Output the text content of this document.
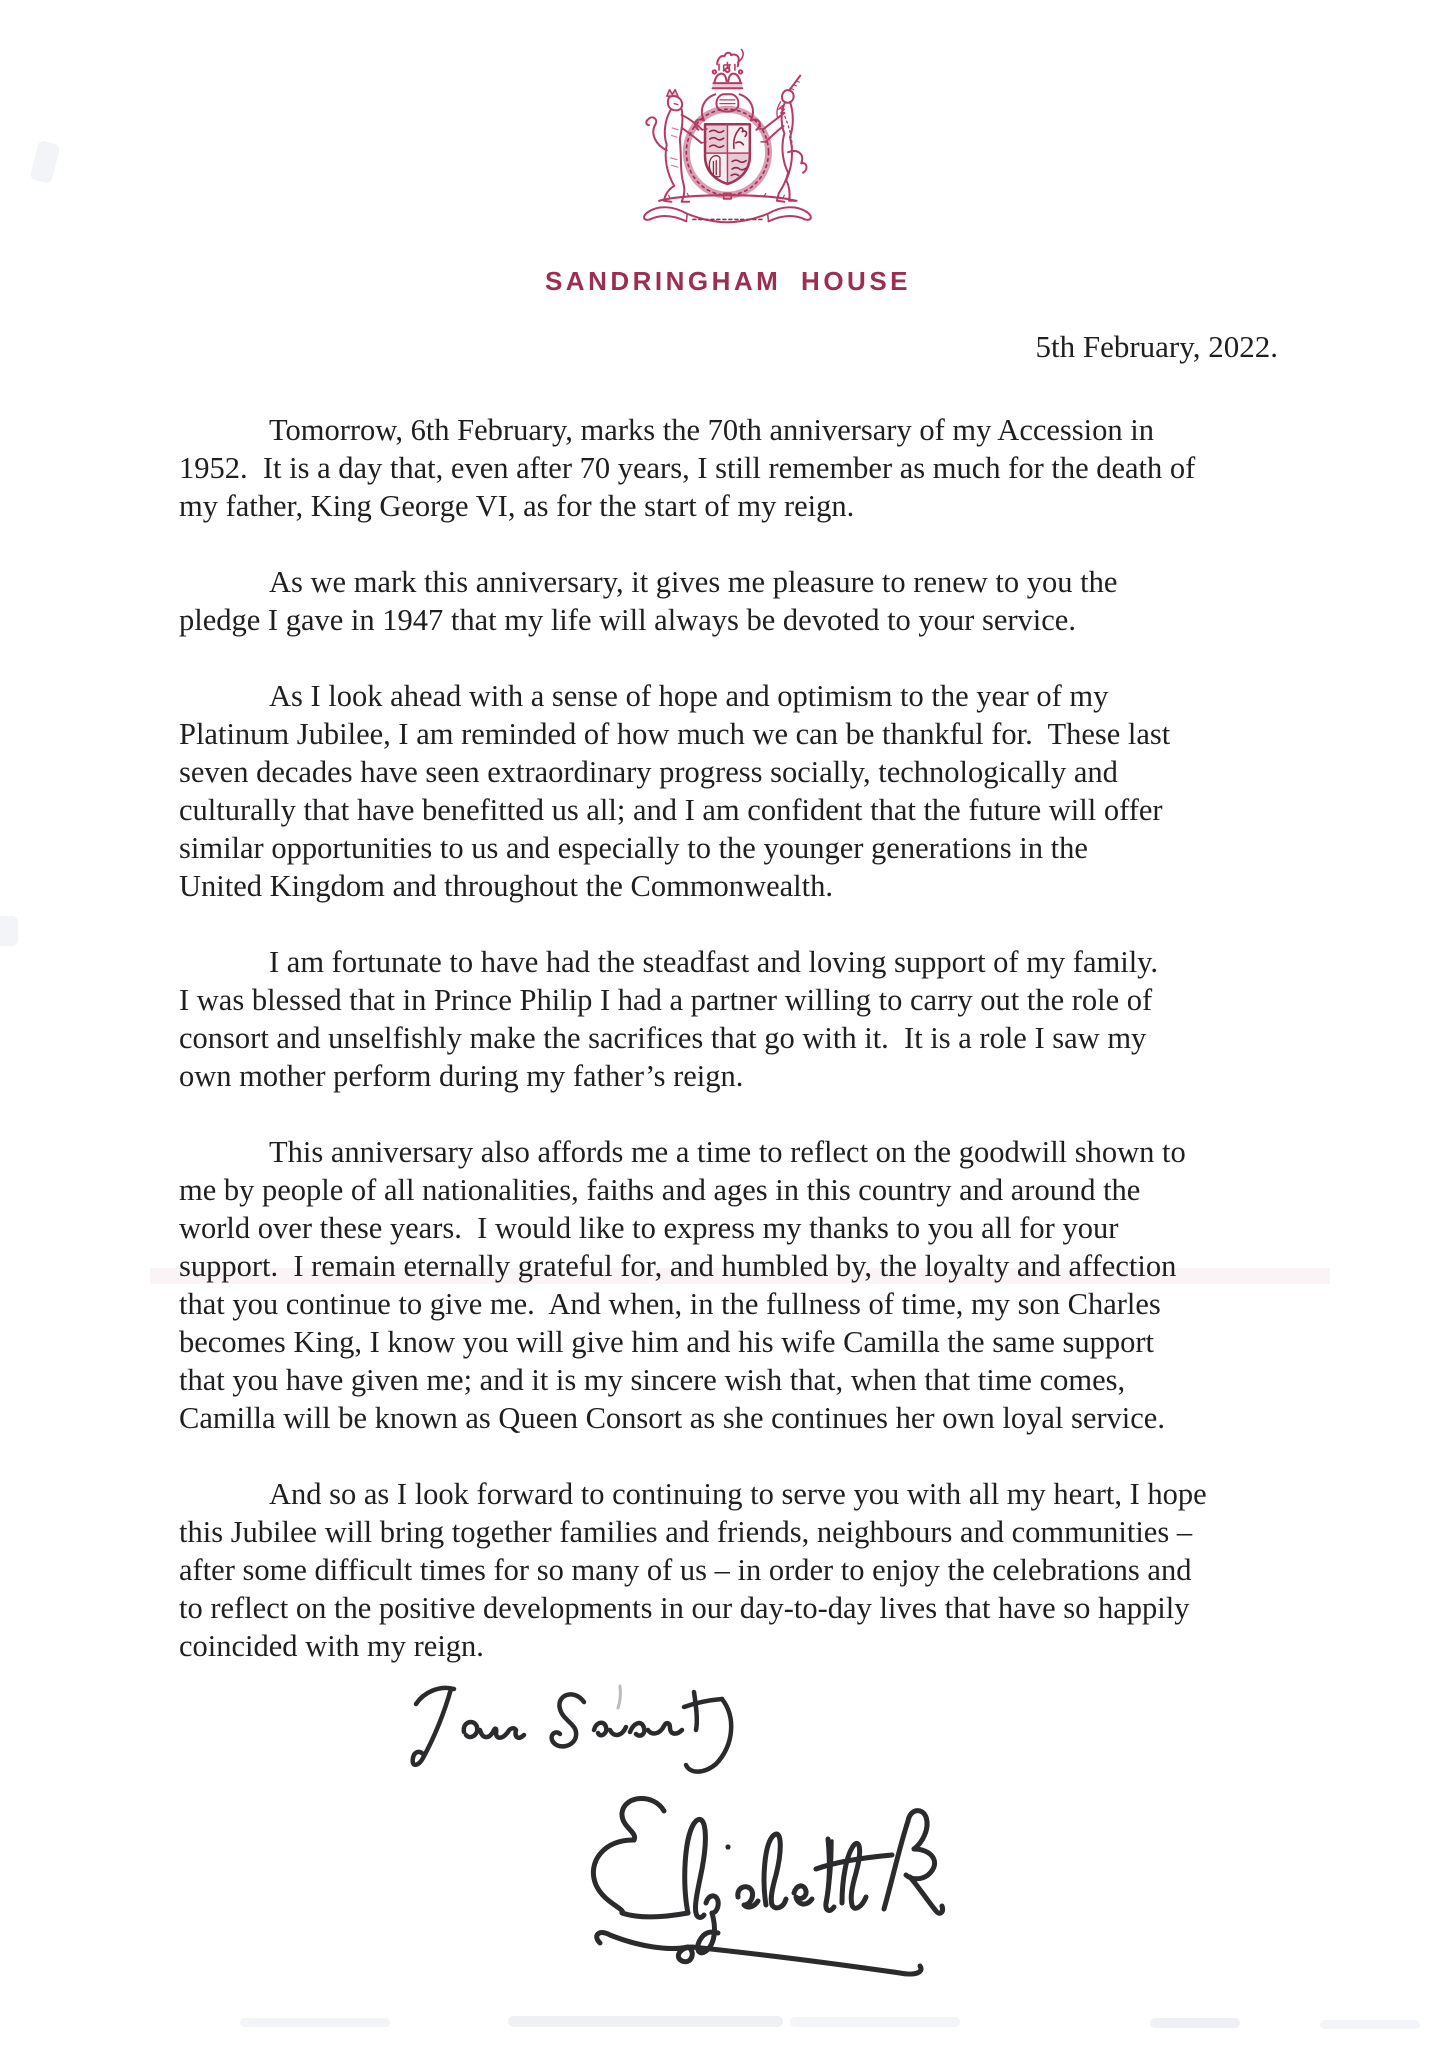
SANDRINGHAM HOUSE
5th February, 2022.
Tomorrow, 6th February, marks the 70th anniversary of my Accession in
1952.  It is a day that, even after 70 years, I still remember as much for the death of
my father, King George VI, as for the start of my reign.
As we mark this anniversary, it gives me pleasure to renew to you the
pledge I gave in 1947 that my life will always be devoted to your service.
As I look ahead with a sense of hope and optimism to the year of my
Platinum Jubilee, I am reminded of how much we can be thankful for.  These last
seven decades have seen extraordinary progress socially, technologically and
culturally that have benefitted us all; and I am confident that the future will offer
similar opportunities to us and especially to the younger generations in the
United Kingdom and throughout the Commonwealth.
I am fortunate to have had the steadfast and loving support of my family.
I was blessed that in Prince Philip I had a partner willing to carry out the role of
consort and unselfishly make the sacrifices that go with it.  It is a role I saw my
own mother perform during my father’s reign.
This anniversary also affords me a time to reflect on the goodwill shown to
me by people of all nationalities, faiths and ages in this country and around the
world over these years.  I would like to express my thanks to you all for your
support.  I remain eternally grateful for, and humbled by, the loyalty and affection
that you continue to give me.  And when, in the fullness of time, my son Charles
becomes King, I know you will give him and his wife Camilla the same support
that you have given me; and it is my sincere wish that, when that time comes,
Camilla will be known as Queen Consort as she continues her own loyal service.
And so as I look forward to continuing to serve you with all my heart, I hope
this Jubilee will bring together families and friends, neighbours and communities –
after some difficult times for so many of us – in order to enjoy the celebrations and
to reflect on the positive developments in our day-to-day lives that have so happily
coincided with my reign.
